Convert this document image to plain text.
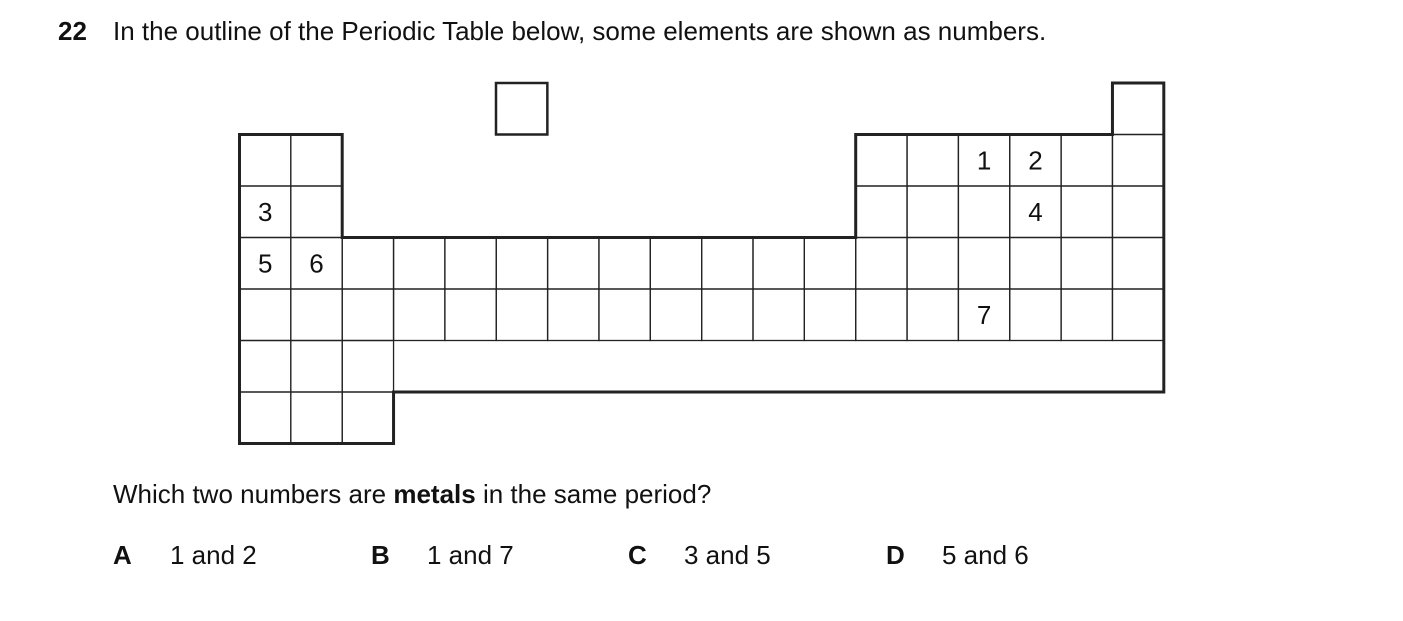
22 In the outline of the Periodic Table below, some elements are shown as numbers.
1 2
3	4
5 6
7
Which two numbers are metals in the same period?
A 1 and 2	B 1 and 7	C 3 and 5	D 5 and 6
